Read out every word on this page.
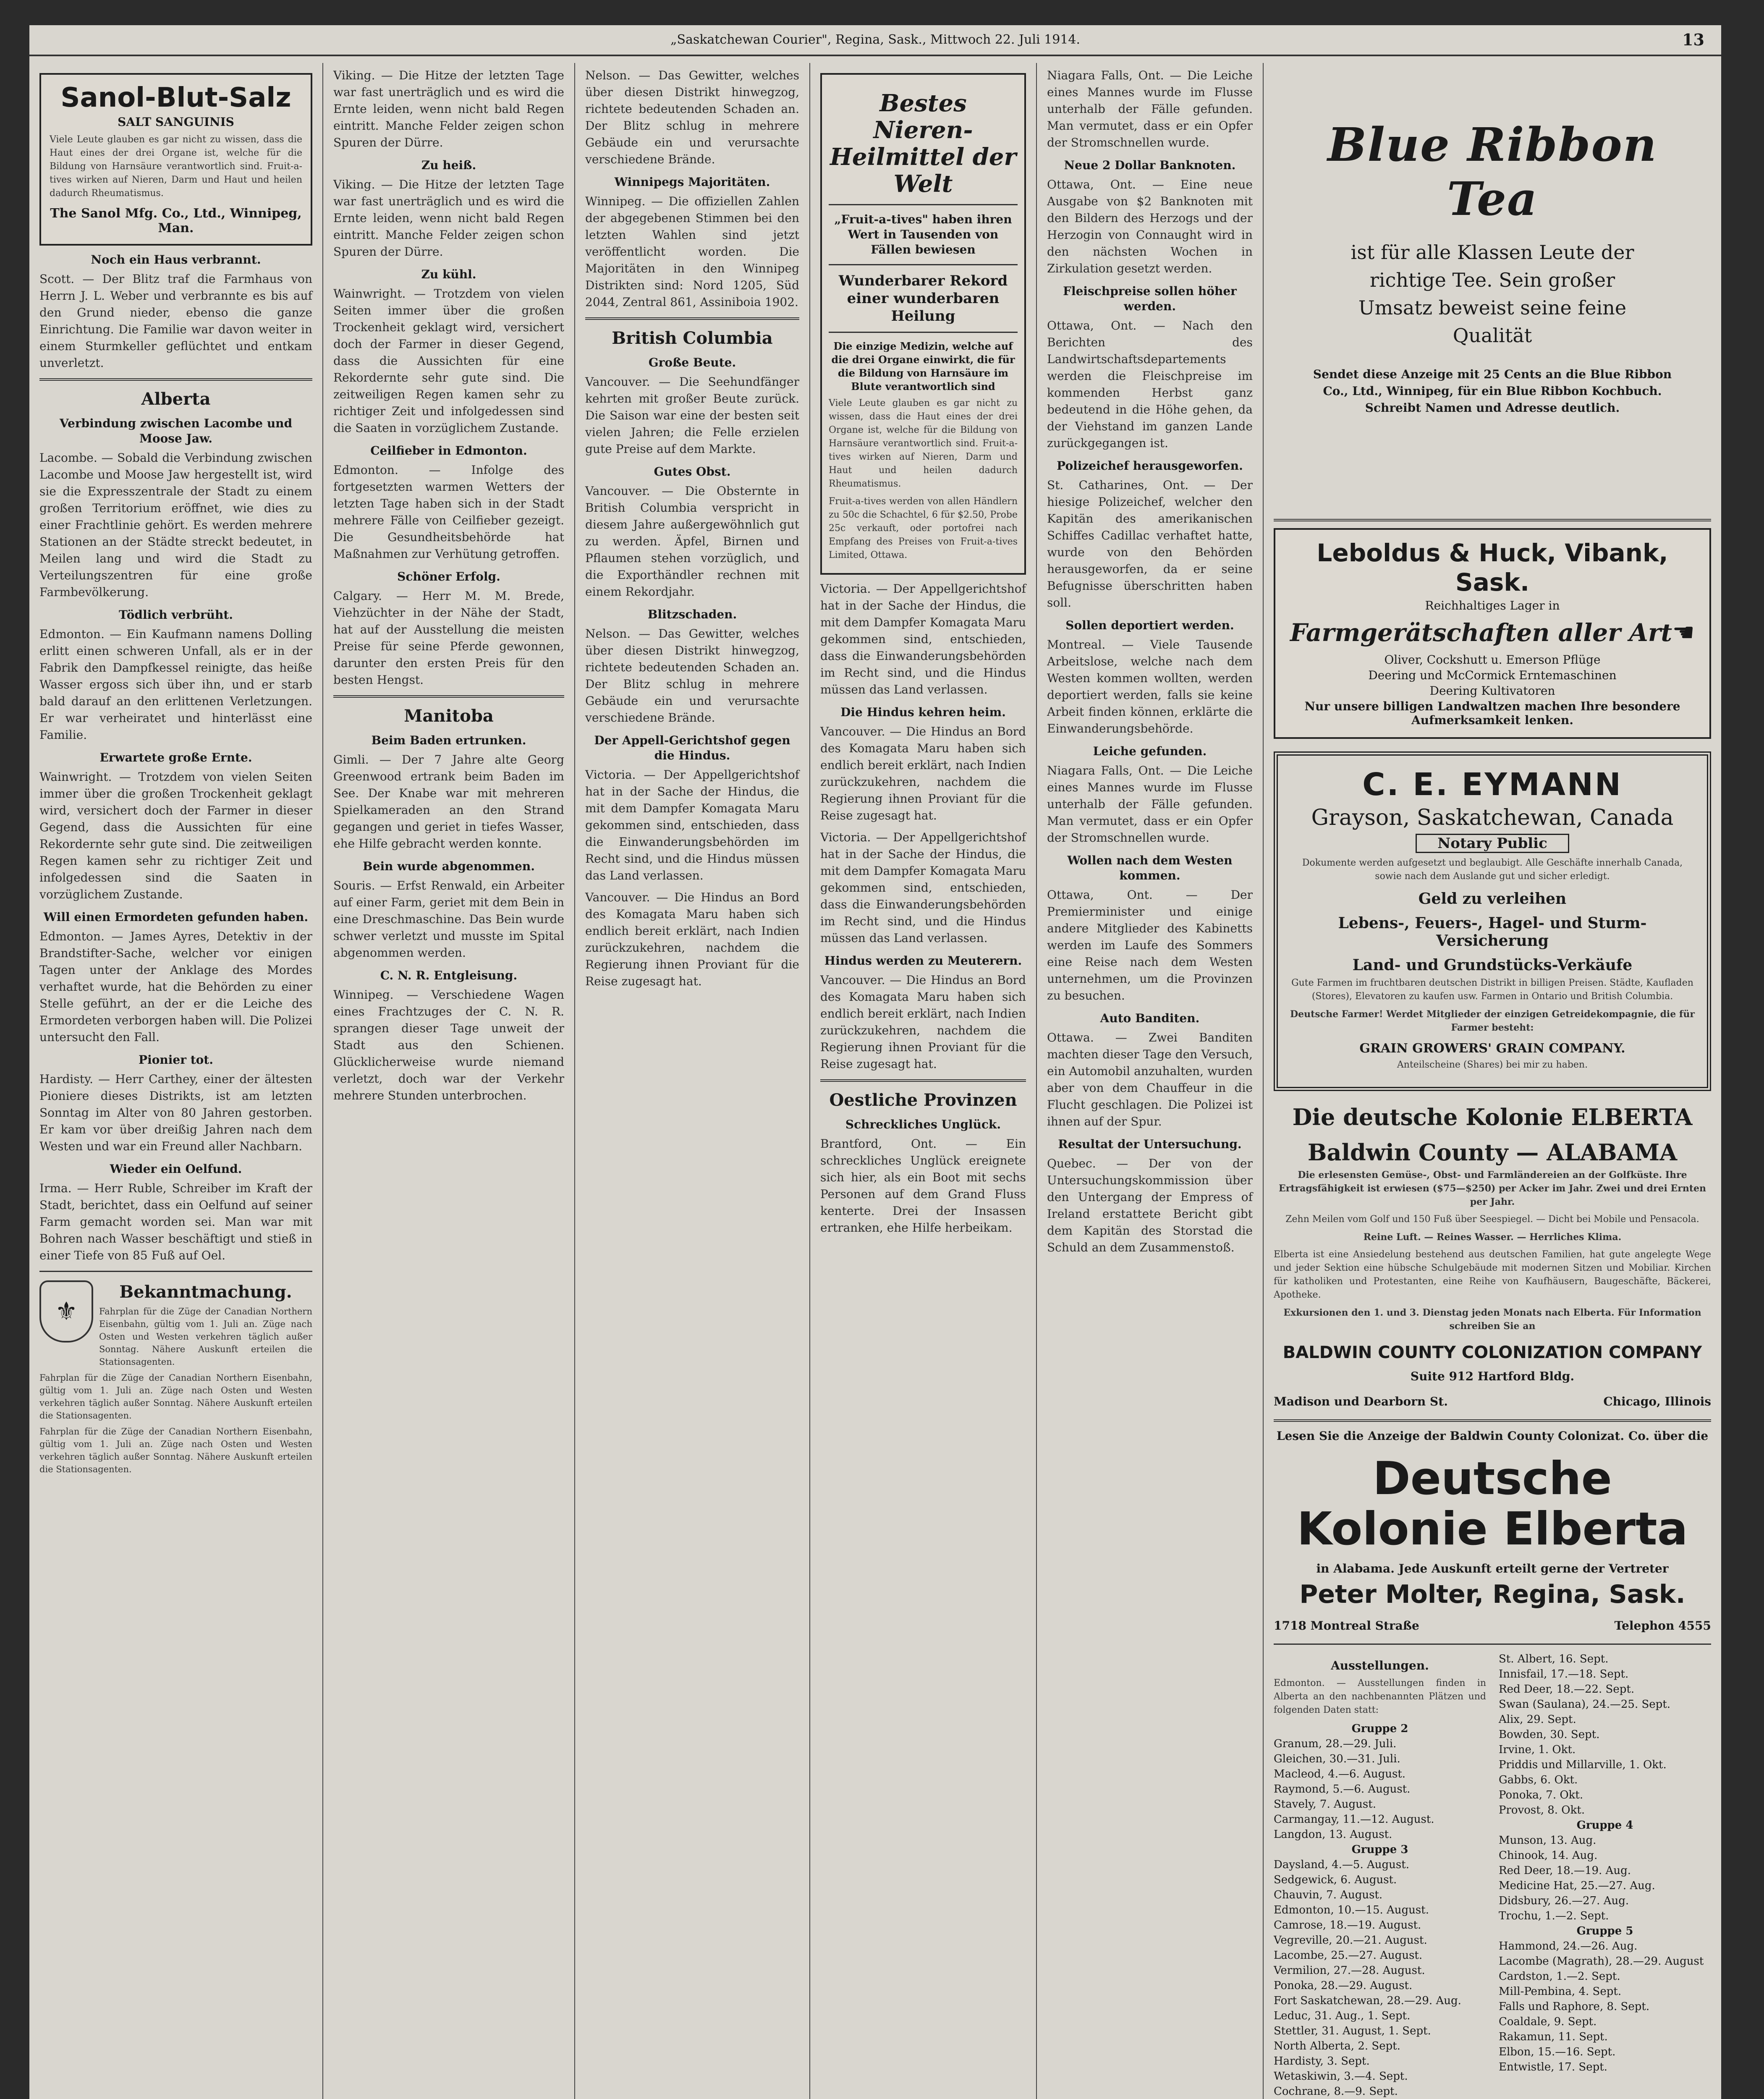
„Saskatchewan Courier", Regina, Sask., Mittwoch 22. Juli 1914.	13
Sanol-Blut-Salz
SALT SANGUINIS

Viele Leute glauben es gar nicht zu wissen, dass die Haut eines der drei Organe ist, welche für die Bildung von Harnsäure verantwortlich sind. Fruit-a-tives wirken auf Nieren, Darm und Haut und heilen dadurch Rheumatismus.

The Sanol Mfg. Co., Ltd., Winnipeg, Man.
Noch ein Haus verbrannt.

Scott. — Der Blitz traf die Farmhaus von Herrn J. L. Weber und verbrannte es bis auf den Grund nieder, ebenso die ganze Einrichtung. Die Familie war davon weiter in einem Sturmkeller geflüchtet und entkam unverletzt.

Alberta
Verbindung zwischen Lacombe und Moose Jaw.

Lacombe. — Sobald die Verbindung zwischen Lacombe und Moose Jaw hergestellt ist, wird sie die Expresszentrale der Stadt zu einem großen Territorium eröffnet, wie dies zu einer Frachtlinie gehört. Es werden mehrere Stationen an der Städte streckt bedeutet, in Meilen lang und wird die Stadt zu Verteilungszentren für eine große Farmbevölkerung.

Tödlich verbrüht.

Edmonton. — Ein Kaufmann namens Dolling erlitt einen schweren Unfall, als er in der Fabrik den Dampfkessel reinigte, das heiße Wasser ergoss sich über ihn, und er starb bald darauf an den erlittenen Verletzungen. Er war verheiratet und hinterlässt eine Familie.

Erwartete große Ernte.

Wainwright. — Trotzdem von vielen Seiten immer über die großen Trockenheit geklagt wird, versichert doch der Farmer in dieser Gegend, dass die Aussichten für eine Rekordernte sehr gute sind. Die zeitweiligen Regen kamen sehr zu richtiger Zeit und infolgedessen sind die Saaten in vorzüglichem Zustande.

Will einen Ermordeten gefunden haben.

Edmonton. — James Ayres, Detektiv in der Brandstifter-Sache, welcher vor einigen Tagen unter der Anklage des Mordes verhaftet wurde, hat die Behörden zu einer Stelle geführt, an der er die Leiche des Ermordeten verborgen haben will. Die Polizei untersucht den Fall.

Pionier tot.

Hardisty. — Herr Carthey, einer der ältesten Pioniere dieses Distrikts, ist am letzten Sonntag im Alter von 80 Jahren gestorben. Er kam vor über dreißig Jahren nach dem Westen und war ein Freund aller Nachbarn.

Wieder ein Oelfund.

Irma. — Herr Ruble, Schreiber im Kraft der Stadt, berichtet, dass ein Oelfund auf seiner Farm gemacht worden sei. Man war mit Bohren nach Wasser beschäftigt und stieß in einer Tiefe von 85 Fuß auf Oel.

⚜
Bekanntmachung.

Fahrplan für die Züge der Canadian Northern Eisenbahn, gültig vom 1. Juli an. Züge nach Osten und Westen verkehren täglich außer Sonntag. Nähere Auskunft erteilen die Stationsagenten.

Fahrplan für die Züge der Canadian Northern Eisenbahn, gültig vom 1. Juli an. Züge nach Osten und Westen verkehren täglich außer Sonntag. Nähere Auskunft erteilen die Stationsagenten.

Fahrplan für die Züge der Canadian Northern Eisenbahn, gültig vom 1. Juli an. Züge nach Osten und Westen verkehren täglich außer Sonntag. Nähere Auskunft erteilen die Stationsagenten.

Viking. — Die Hitze der letzten Tage war fast unerträglich und es wird die Ernte leiden, wenn nicht bald Regen eintritt. Manche Felder zeigen schon Spuren der Dürre.

Zu heiß.

Viking. — Die Hitze der letzten Tage war fast unerträglich und es wird die Ernte leiden, wenn nicht bald Regen eintritt. Manche Felder zeigen schon Spuren der Dürre.

Zu kühl.

Wainwright. — Trotzdem von vielen Seiten immer über die großen Trockenheit geklagt wird, versichert doch der Farmer in dieser Gegend, dass die Aussichten für eine Rekordernte sehr gute sind. Die zeitweiligen Regen kamen sehr zu richtiger Zeit und infolgedessen sind die Saaten in vorzüglichem Zustande.

Ceilfieber in Edmonton.

Edmonton. — Infolge des fortgesetzten warmen Wetters der letzten Tage haben sich in der Stadt mehrere Fälle von Ceilfieber gezeigt. Die Gesundheitsbehörde hat Maßnahmen zur Verhütung getroffen.

Schöner Erfolg.

Calgary. — Herr M. M. Brede, Viehzüchter in der Nähe der Stadt, hat auf der Ausstellung die meisten Preise für seine Pferde gewonnen, darunter den ersten Preis für den besten Hengst.

Manitoba
Beim Baden ertrunken.

Gimli. — Der 7 Jahre alte Georg Greenwood ertrank beim Baden im See. Der Knabe war mit mehreren Spielkameraden an den Strand gegangen und geriet in tiefes Wasser, ehe Hilfe gebracht werden konnte.

Bein wurde abgenommen.

Souris. — Erfst Renwald, ein Arbeiter auf einer Farm, geriet mit dem Bein in eine Dreschmaschine. Das Bein wurde schwer verletzt und musste im Spital abgenommen werden.

C. N. R. Entgleisung.

Winnipeg. — Verschiedene Wagen eines Frachtzuges der C. N. R. sprangen dieser Tage unweit der Stadt aus den Schienen. Glücklicherweise wurde niemand verletzt, doch war der Verkehr mehrere Stunden unterbrochen.

Nelson. — Das Gewitter, welches über diesen Distrikt hinwegzog, richtete bedeutenden Schaden an. Der Blitz schlug in mehrere Gebäude ein und verursachte verschiedene Brände.

Winnipegs Majoritäten.

Winnipeg. — Die offiziellen Zahlen der abgegebenen Stimmen bei den letzten Wahlen sind jetzt veröffentlicht worden. Die Majoritäten in den Winnipeg Distrikten sind: Nord 1205, Süd 2044, Zentral 861, Assiniboia 1902.

British Columbia
Große Beute.

Vancouver. — Die Seehundfänger kehrten mit großer Beute zurück. Die Saison war eine der besten seit vielen Jahren; die Felle erzielen gute Preise auf dem Markte.

Gutes Obst.

Vancouver. — Die Obsternte in British Columbia verspricht in diesem Jahre außergewöhnlich gut zu werden. Äpfel, Birnen und Pflaumen stehen vorzüglich, und die Exporthändler rechnen mit einem Rekordjahr.

Blitzschaden.

Nelson. — Das Gewitter, welches über diesen Distrikt hinwegzog, richtete bedeutenden Schaden an. Der Blitz schlug in mehrere Gebäude ein und verursachte verschiedene Brände.

Der Appell-Gerichtshof gegen die Hindus.

Victoria. — Der Appellgerichtshof hat in der Sache der Hindus, die mit dem Dampfer Komagata Maru gekommen sind, entschieden, dass die Einwanderungsbehörden im Recht sind, und die Hindus müssen das Land verlassen.

Vancouver. — Die Hindus an Bord des Komagata Maru haben sich endlich bereit erklärt, nach Indien zurückzukehren, nachdem die Regierung ihnen Proviant für die Reise zugesagt hat.

Bestes Nieren-Heilmittel der Welt
„Fruit-a-tives" haben ihren Wert in Tausenden von Fällen bewiesen
Wunderbarer Rekord einer wunderbaren Heilung
Die einzige Medizin, welche auf die drei Organe einwirkt, die für die Bildung von Harnsäure im Blute verantwortlich sind

Viele Leute glauben es gar nicht zu wissen, dass die Haut eines der drei Organe ist, welche für die Bildung von Harnsäure verantwortlich sind. Fruit-a-tives wirken auf Nieren, Darm und Haut und heilen dadurch Rheumatismus.

Fruit-a-tives werden von allen Händlern zu 50c die Schachtel, 6 für $2.50, Probe 25c verkauft, oder portofrei nach Empfang des Preises von Fruit-a-tives Limited, Ottawa.

Victoria. — Der Appellgerichtshof hat in der Sache der Hindus, die mit dem Dampfer Komagata Maru gekommen sind, entschieden, dass die Einwanderungsbehörden im Recht sind, und die Hindus müssen das Land verlassen.

Die Hindus kehren heim.

Vancouver. — Die Hindus an Bord des Komagata Maru haben sich endlich bereit erklärt, nach Indien zurückzukehren, nachdem die Regierung ihnen Proviant für die Reise zugesagt hat.

Victoria. — Der Appellgerichtshof hat in der Sache der Hindus, die mit dem Dampfer Komagata Maru gekommen sind, entschieden, dass die Einwanderungsbehörden im Recht sind, und die Hindus müssen das Land verlassen.

Hindus werden zu Meuterern.

Vancouver. — Die Hindus an Bord des Komagata Maru haben sich endlich bereit erklärt, nach Indien zurückzukehren, nachdem die Regierung ihnen Proviant für die Reise zugesagt hat.

Oestliche Provinzen
Schreckliches Unglück.

Brantford, Ont. — Ein schreckliches Unglück ereignete sich hier, als ein Boot mit sechs Personen auf dem Grand Fluss kenterte. Drei der Insassen ertranken, ehe Hilfe herbeikam.

Niagara Falls, Ont. — Die Leiche eines Mannes wurde im Flusse unterhalb der Fälle gefunden. Man vermutet, dass er ein Opfer der Stromschnellen wurde.

Neue 2 Dollar Banknoten.

Ottawa, Ont. — Eine neue Ausgabe von $2 Banknoten mit den Bildern des Herzogs und der Herzogin von Connaught wird in den nächsten Wochen in Zirkulation gesetzt werden.

Fleischpreise sollen höher werden.

Ottawa, Ont. — Nach den Berichten des Landwirtschaftsdepartements werden die Fleischpreise im kommenden Herbst ganz bedeutend in die Höhe gehen, da der Viehstand im ganzen Lande zurückgegangen ist.

Polizeichef herausgeworfen.

St. Catharines, Ont. — Der hiesige Polizeichef, welcher den Kapitän des amerikanischen Schiffes Cadillac verhaftet hatte, wurde von den Behörden herausgeworfen, da er seine Befugnisse überschritten haben soll.

Sollen deportiert werden.

Montreal. — Viele Tausende Arbeitslose, welche nach dem Westen kommen wollten, werden deportiert werden, falls sie keine Arbeit finden können, erklärte die Einwanderungsbehörde.

Leiche gefunden.

Niagara Falls, Ont. — Die Leiche eines Mannes wurde im Flusse unterhalb der Fälle gefunden. Man vermutet, dass er ein Opfer der Stromschnellen wurde.

Wollen nach dem Westen kommen.

Ottawa, Ont. — Der Premierminister und einige andere Mitglieder des Kabinetts werden im Laufe des Sommers eine Reise nach dem Westen unternehmen, um die Provinzen zu besuchen.

Auto Banditen.

Ottawa. — Zwei Banditen machten dieser Tage den Versuch, ein Automobil anzuhalten, wurden aber von dem Chauffeur in die Flucht geschlagen. Die Polizei ist ihnen auf der Spur.

Resultat der Untersuchung.

Quebec. — Der von der Untersuchungskommission über den Untergang der Empress of Ireland erstattete Bericht gibt dem Kapitän des Storstad die Schuld an dem Zusammenstoß.

Blue Ribbon Tea
ist für alle Klassen Leute der
richtige Tee. Sein großer
Umsatz beweist seine feine
Qualität
Sendet diese Anzeige mit 25 Cents an die Blue Ribbon Co., Ltd., Winnipeg, für ein Blue Ribbon Kochbuch. Schreibt Namen und Adresse deutlich.
Leboldus & Huck, Vibank, Sask.
Reichhaltiges Lager in
Farmgerätschaften aller Art ☚
Oliver, Cockshutt u. Emerson Pflüge
Deering und McCormick Erntemaschinen
Deering Kultivatoren
Nur unsere billigen Landwaltzen machen Ihre besondere Aufmerksamkeit lenken.
C. E. EYMANN
Grayson, Saskatchewan, Canada
Notary Public

Dokumente werden aufgesetzt und beglaubigt. Alle Geschäfte innerhalb Canada, sowie nach dem Auslande gut und sicher erledigt.

Geld zu verleihen
Lebens-, Feuers-, Hagel- und Sturm-Versicherung
Land- und Grundstücks-Verkäufe

Gute Farmen im fruchtbaren deutschen Distrikt in billigen Preisen. Städte, Kaufladen (Stores), Elevatoren zu kaufen usw. Farmen in Ontario und British Columbia.

Deutsche Farmer! Werdet Mitglieder der einzigen Getreidekompagnie, die für Farmer besteht:

GRAIN GROWERS' GRAIN COMPANY.

Anteilscheine (Shares) bei mir zu haben.

Die deutsche Kolonie ELBERTA
Baldwin County — ALABAMA

Die erlesensten Gemüse-, Obst- und Farmländereien an der Golfküste. Ihre Ertragsfähigkeit ist erwiesen ($75—$250) per Acker im Jahr. Zwei und drei Ernten per Jahr.

Zehn Meilen vom Golf und 150 Fuß über Seespiegel. — Dicht bei Mobile und Pensacola.

Reine Luft. — Reines Wasser. — Herrliches Klima.

Elberta ist eine Ansiedelung bestehend aus deutschen Familien, hat gute angelegte Wege und jeder Sektion eine hübsche Schulgebäude mit modernen Sitzen und Mobiliar. Kirchen für katholiken und Protestanten, eine Reihe von Kaufhäusern, Baugeschäfte, Bäckerei, Apotheke.

Exkursionen den 1. und 3. Dienstag jeden Monats nach Elberta. Für Information schreiben Sie an

BALDWIN COUNTY COLONIZATION COMPANY
Suite 912 Hartford Bldg.
Madison und Dearborn St.	Chicago, Illinois
Lesen Sie die Anzeige der Baldwin County Colonizat. Co. über die
Deutsche Kolonie Elberta
in Alabama. Jede Auskunft erteilt gerne der Vertreter
Peter Molter, Regina, Sask.
1718 Montreal Straße	Telephon 4555
Ausstellungen.

Edmonton. — Ausstellungen finden in Alberta an den nachbenannten Plätzen und folgenden Daten statt:

Gruppe 2
Granum, 28.—29. Juli.
Gleichen, 30.—31. Juli.
Macleod, 4.—6. August.
Raymond, 5.—6. August.
Stavely, 7. August.
Carmangay, 11.—12. August.
Langdon, 13. August.
Gruppe 3
Daysland, 4.—5. August.
Sedgewick, 6. August.
Chauvin, 7. August.
Edmonton, 10.—15. August.
Camrose, 18.—19. August.
Vegreville, 20.—21. August.
Lacombe, 25.—27. August.
Vermilion, 27.—28. August.
Ponoka, 28.—29. August.
Fort Saskatchewan, 28.—29. Aug.
Leduc, 31. Aug., 1. Sept.
Stettler, 31. August, 1. Sept.
North Alberta, 2. Sept.
Hardisty, 3. Sept.
Wetaskiwin, 3.—4. Sept.
Cochrane, 8.—9. Sept.
St. Albert, 16. Sept.
Innisfail, 17.—18. Sept.
Red Deer, 18.—22. Sept.
Swan (Saulana), 24.—25. Sept.
Alix, 29. Sept.
Bowden, 30. Sept.
Irvine, 1. Okt.
Priddis und Millarville, 1. Okt.
Gabbs, 6. Okt.
Ponoka, 7. Okt.
Provost, 8. Okt.
Gruppe 4
Munson, 13. Aug.
Chinook, 14. Aug.
Red Deer, 18.—19. Aug.
Medicine Hat, 25.—27. Aug.
Didsbury, 26.—27. Aug.
Trochu, 1.—2. Sept.
Gruppe 5
Hammond, 24.—26. Aug.
Lacombe (Magrath), 28.—29. August
Cardston, 1.—2. Sept.
Mill-Pembina, 4. Sept.
Falls und Raphore, 8. Sept.
Coaldale, 9. Sept.
Rakamun, 11. Sept.
Elbon, 15.—16. Sept.
Entwistle, 17. Sept.
